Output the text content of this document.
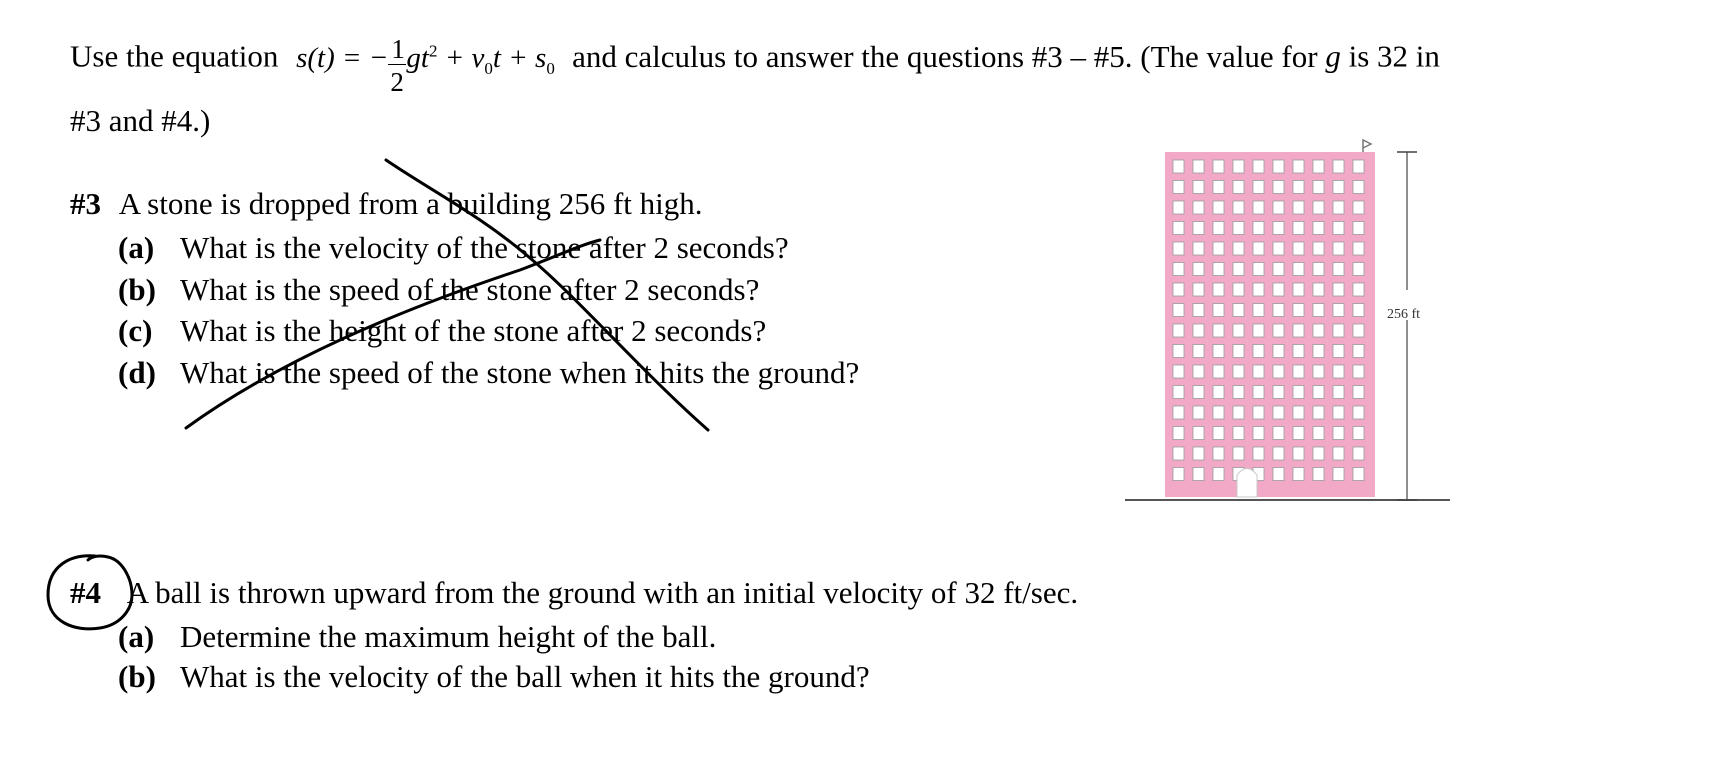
Use the equation s(t) = − $\frac{1}{2} gt^2 + v_0t + s_0$ and calculus to answer the questions #3 – #5. (The value for g is 32 in
#3 and #4.)
#3 A stone is dropped from a building 256 ft high.
(a) What is the velocity of the stone after 2 seconds?
(b) What is the speed of the stone after 2 seconds?
(c) What is the height of the stone after 2 seconds?
(d) What is the speed of the stone when it hits the ground?
256 ft
#4 A ball is thrown upward from the ground with an initial velocity of 32 ft/sec.
(a) Determine the maximum height of the ball.
(b) What is the velocity of the ball when it hits the ground?
